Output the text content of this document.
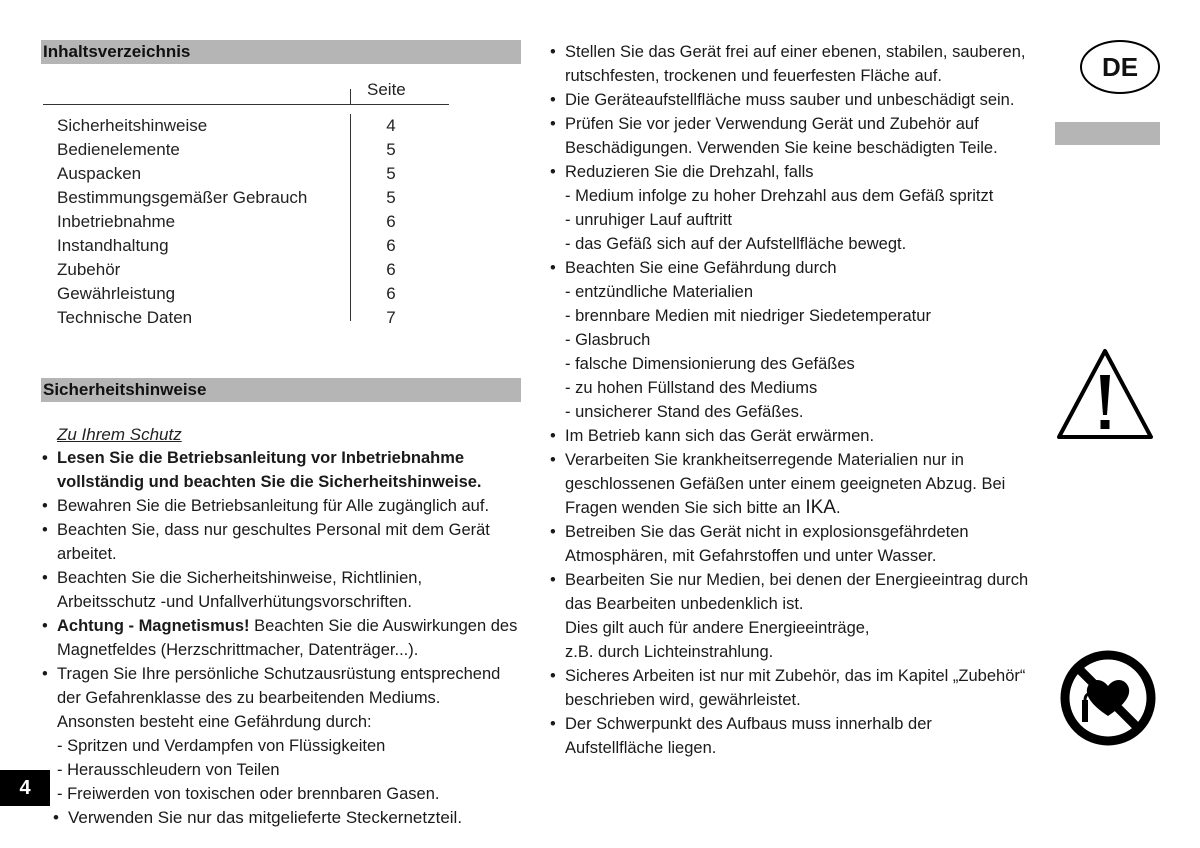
Inhaltsverzeichnis
Seite
Sicherheitshinweise	4
Bedienelemente	5
Auspacken	5
Bestimmungsgemäßer Gebrauch	5
Inbetriebnahme	6
Instandhaltung	6
Zubehör	6
Gewährleistung	6
Technische Daten	7
Sicherheitshinweise
Zu Ihrem Schutz
• Lesen Sie die Betriebsanleitung vor Inbetriebnahme vollständig und beachten Sie die Sicherheitshinweise.
• Bewahren Sie die Betriebsanleitung für Alle zugänglich auf.
• Beachten Sie, dass nur geschultes Personal mit dem Gerät arbeitet.
• Beachten Sie die Sicherheitshinweise, Richtlinien, Arbeitsschutz -und Unfallverhütungsvorschriften.
• Achtung - Magnetismus! Beachten Sie die Auswirkungen des Magnetfeldes (Herzschrittmacher, Datenträger...).
• Tragen Sie Ihre persönliche Schutzausrüstung entsprechend der Gefahrenklasse des zu bearbeitenden Mediums. Ansonsten besteht eine Gefährdung durch:
- Spritzen und Verdampfen von Flüssigkeiten
- Herausschleudern von Teilen
- Freiwerden von toxischen oder brennbaren Gasen.
• Verwenden Sie nur das mitgelieferte Steckernetzteil.
• Stellen Sie das Gerät frei auf einer ebenen, stabilen, sauberen, rutschfesten, trockenen und feuerfesten Fläche auf.
• Die Geräteaufstellfläche muss sauber und unbeschädigt sein.
• Prüfen Sie vor jeder Verwendung Gerät und Zubehör auf Beschädigungen. Verwenden Sie keine beschädigten Teile.
• Reduzieren Sie die Drehzahl, falls
- Medium infolge zu hoher Drehzahl aus dem Gefäß spritzt
- unruhiger Lauf auftritt
- das Gefäß sich auf der Aufstellfläche bewegt.
• Beachten Sie eine Gefährdung durch
- entzündliche Materialien
- brennbare Medien mit niedriger Siedetemperatur
- Glasbruch
- falsche Dimensionierung des Gefäßes
- zu hohen Füllstand des Mediums
- unsicherer Stand des Gefäßes.
• Im Betrieb kann sich das Gerät erwärmen.
• Verarbeiten Sie krankheitserregende Materialien nur in geschlossenen Gefäßen unter einem geeigneten Abzug. Bei Fragen wenden Sie sich bitte an IKA.
• Betreiben Sie das Gerät nicht in explosionsgefährdeten Atmosphären, mit Gefahrstoffen und unter Wasser.
• Bearbeiten Sie nur Medien, bei denen der Energieeintrag durch das Bearbeiten unbedenklich ist.
Dies gilt auch für andere Energieeinträge,
z.B. durch Lichteinstrahlung.
• Sicheres Arbeiten ist nur mit Zubehör, das im Kapitel „Zubehör“ beschrieben wird, gewährleistet.
• Der Schwerpunkt des Aufbaus muss innerhalb der Aufstellfläche liegen.
DE
4
